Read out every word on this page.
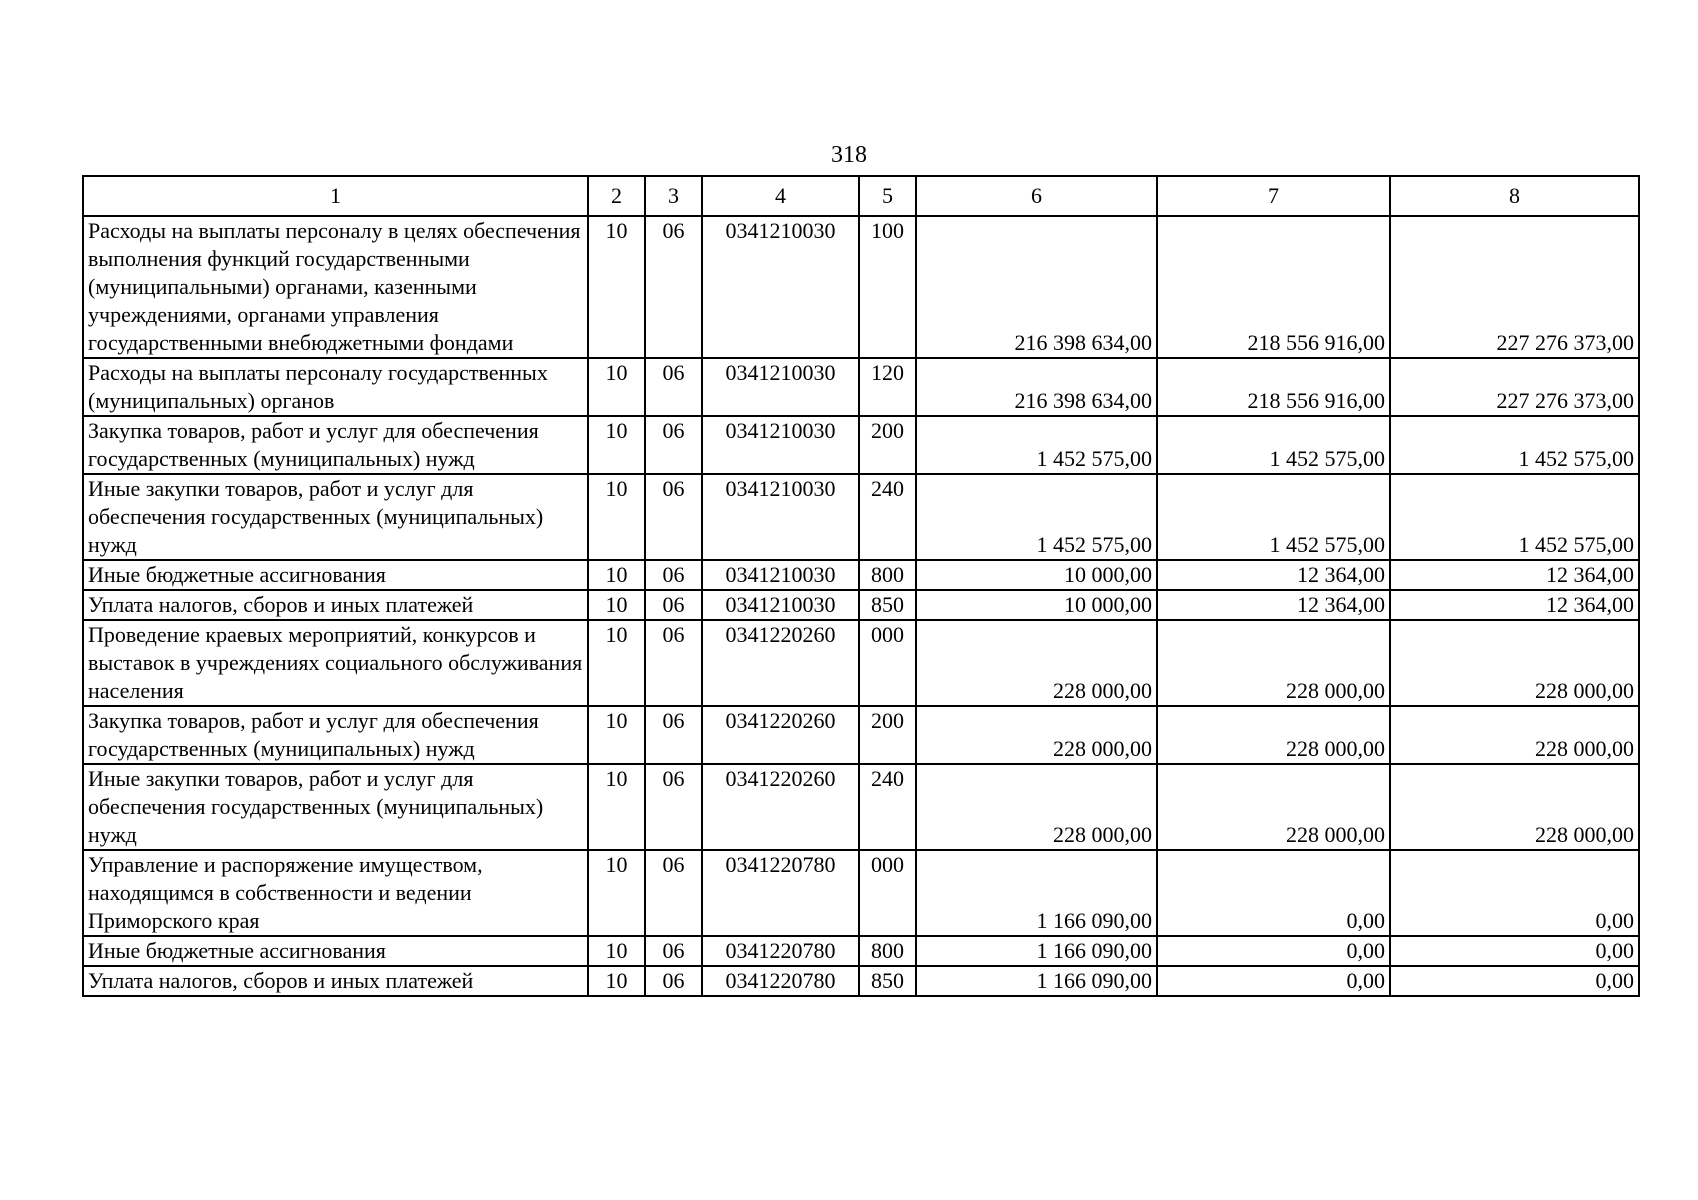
318
1	2	3	4	5	6	7	8
Расходы на выплаты персоналу в целях обеспечения выполнения функций государственными (муниципальными) органами, казенными учреждениями, органами управления государственными внебюджетными фондами	10	06	0341210030	100	216 398 634,00	218 556 916,00	227 276 373,00
Расходы на выплаты персоналу государственных (муниципальных) органов	10	06	0341210030	120	216 398 634,00	218 556 916,00	227 276 373,00
Закупка товаров, работ и услуг для обеспечения государственных (муниципальных) нужд	10	06	0341210030	200	1 452 575,00	1 452 575,00	1 452 575,00
Иные закупки товаров, работ и услуг для обеспечения государственных (муниципальных) нужд	10	06	0341210030	240	1 452 575,00	1 452 575,00	1 452 575,00
Иные бюджетные ассигнования	10	06	0341210030	800	10 000,00	12 364,00	12 364,00
Уплата налогов, сборов и иных платежей	10	06	0341210030	850	10 000,00	12 364,00	12 364,00
Проведение краевых мероприятий, конкурсов и выставок в учреждениях социального обслуживания населения	10	06	0341220260	000	228 000,00	228 000,00	228 000,00
Закупка товаров, работ и услуг для обеспечения государственных (муниципальных) нужд	10	06	0341220260	200	228 000,00	228 000,00	228 000,00
Иные закупки товаров, работ и услуг для обеспечения государственных (муниципальных) нужд	10	06	0341220260	240	228 000,00	228 000,00	228 000,00
Управление и распоряжение имуществом, находящимся в собственности и ведении Приморского края	10	06	0341220780	000	1 166 090,00	0,00	0,00
Иные бюджетные ассигнования	10	06	0341220780	800	1 166 090,00	0,00	0,00
Уплата налогов, сборов и иных платежей	10	06	0341220780	850	1 166 090,00	0,00	0,00
